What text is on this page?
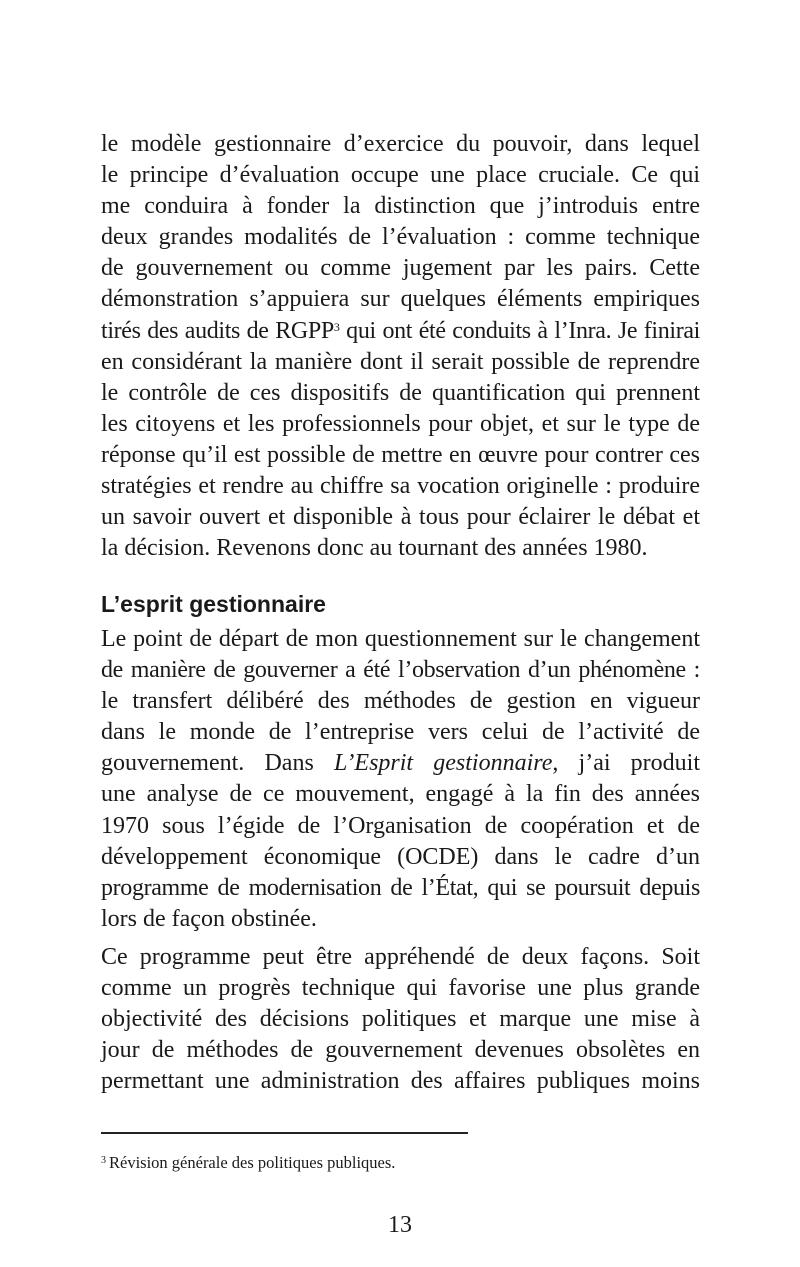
le modèle gestionnaire d’exercice du pouvoir, dans lequel
le principe d’évaluation occupe une place cruciale. Ce qui
me conduira à fonder la distinction que j’introduis entre
deux grandes modalités de l’évaluation : comme technique
de gouvernement ou comme jugement par les pairs. Cette
démonstration s’appuiera sur quelques éléments empiriques
tirés des audits de RGPP$^3$ qui ont été conduits à l’Inra. Je finirai
en considérant la manière dont il serait possible de reprendre
le contrôle de ces dispositifs de quantification qui prennent
les citoyens et les professionnels pour objet, et sur le type de
réponse qu’il est possible de mettre en œuvre pour contrer ces
stratégies et rendre au chiffre sa vocation originelle : produire
un savoir ouvert et disponible à tous pour éclairer le débat et
la décision. Revenons donc au tournant des années 1980.
L’esprit gestionnaire
Le point de départ de mon questionnement sur le changement
de manière de gouverner a été l’observation d’un phénomène :
le transfert délibéré des méthodes de gestion en vigueur
dans le monde de l’entreprise vers celui de l’activité de
gouvernement. Dans L’Esprit gestionnaire, j’ai produit
une analyse de ce mouvement, engagé à la fin des années
1970 sous l’égide de l’Organisation de coopération et de
développement économique (OCDE) dans le cadre d’un
programme de modernisation de l’État, qui se poursuit depuis
lors de façon obstinée.
Ce programme peut être appréhendé de deux façons. Soit
comme un progrès technique qui favorise une plus grande
objectivité des décisions politiques et marque une mise à
jour de méthodes de gouvernement devenues obsolètes en
permettant une administration des affaires publiques moins
$^3$ Révision générale des politiques publiques.
13
